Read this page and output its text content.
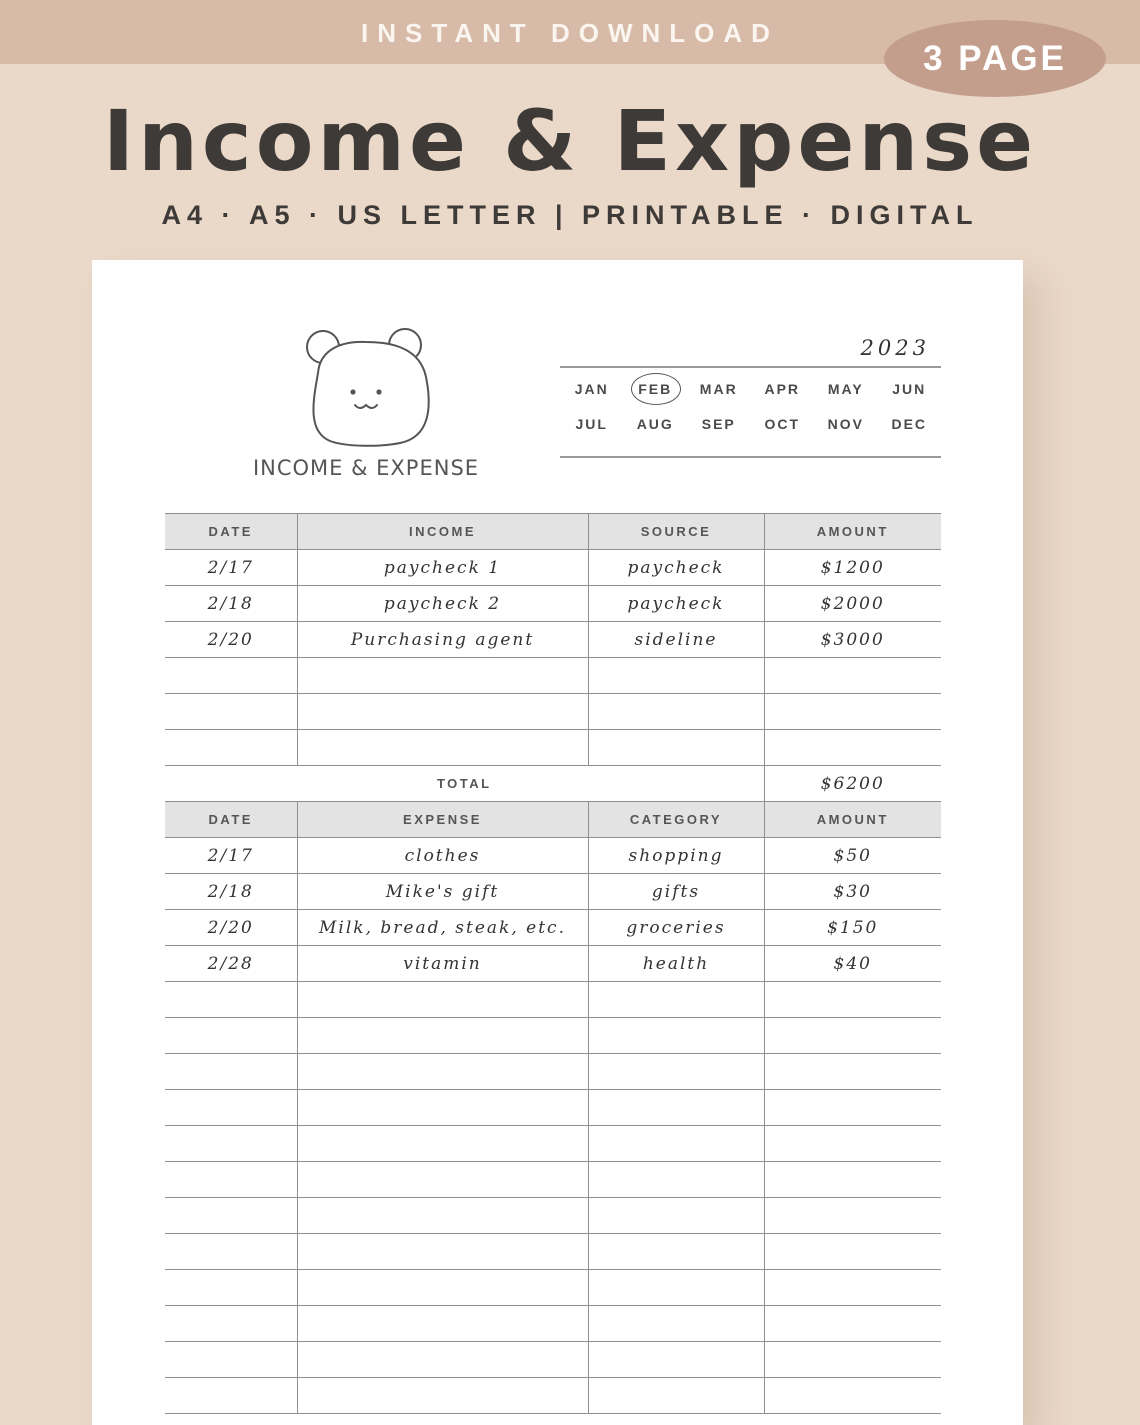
INSTANT DOWNLOAD
3 PAGE
Income & Expense
A4 · A5 · US LETTER | PRINTABLE · DIGITAL
INCOME & EXPENSE
2023
JAN	FEB	MAR	APR	MAY	JUN
JUL	AUG	SEP	OCT	NOV	DEC
DATE	INCOME	SOURCE	AMOUNT
2/17	paycheck 1	paycheck	$1200
2/18	paycheck 2	paycheck	$2000
2/20	Purchasing agent	sideline	$3000

TOTAL			$6200
DATE	EXPENSE	CATEGORY	AMOUNT
2/17	clothes	shopping	$50
2/18	Mike's gift	gifts	$30
2/20	Milk, bread, steak, etc.	groceries	$150
2/28	vitamin	health	$40
